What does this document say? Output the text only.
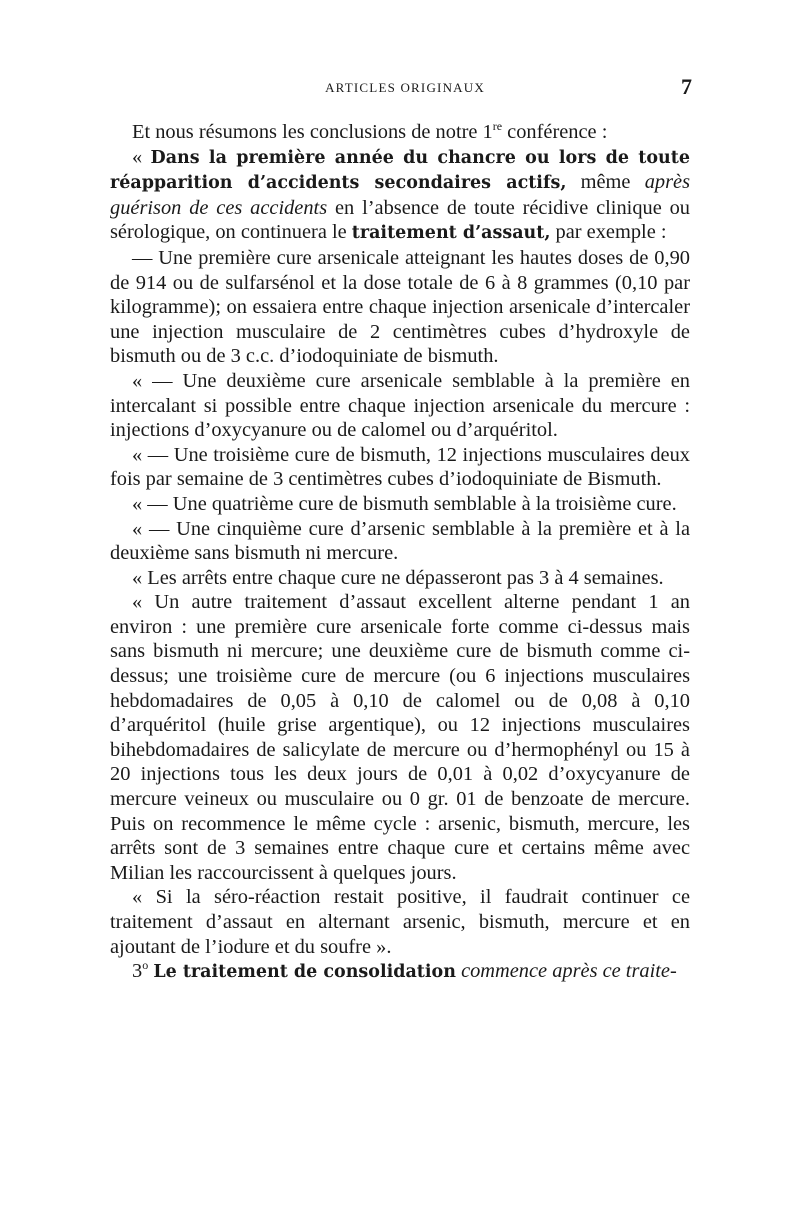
ARTICLES ORIGINAUX	7

Et nous résumons les conclusions de notre 1re conférence :

« Dans la première année du chancre ou lors de toute réapparition d’accidents secondaires actifs, même après guérison de ces accidents en l’absence de toute récidive clinique ou sérologique, on continuera le traitement d’assaut, par exemple :

— Une première cure arsenicale atteignant les hautes doses de 0,90 de 914 ou de sulfarsénol et la dose totale de 6 à 8 grammes (0,10 par kilogramme); on essaiera entre chaque injection arsenicale d’intercaler une injection musculaire de 2 centimètres cubes d’hydroxyle de bismuth ou de 3 c.c. d’iodoquiniate de bismuth.

« — Une deuxième cure arsenicale semblable à la première en intercalant si possible entre chaque injection arsenicale du mercure : injections d’oxycyanure ou de calomel ou d’arquéritol.

« — Une troisième cure de bismuth, 12 injections musculaires deux fois par semaine de 3 centimètres cubes d’iodoquiniate de Bismuth.

« — Une quatrième cure de bismuth semblable à la troisième cure.

« — Une cinquième cure d’arsenic semblable à la première et à la deuxième sans bismuth ni mercure.

« Les arrêts entre chaque cure ne dépasseront pas 3 à 4 semaines.

« Un autre traitement d’assaut excellent alterne pendant 1 an environ : une première cure arsenicale forte comme ci-dessus mais sans bismuth ni mercure; une deuxième cure de bismuth comme ci-dessus; une troisième cure de mercure (ou 6 injections musculaires hebdomadaires de 0,05 à 0,10 de calomel ou de 0,08 à 0,10 d’arquéritol (huile grise argentique), ou 12 injections musculaires bihebdomadaires de salicylate de mercure ou d’hermophényl ou 15 à 20 injections tous les deux jours de 0,01 à 0,02 d’oxycyanure de mercure veineux ou musculaire ou 0 gr. 01 de benzoate de mercure. Puis on recommence le même cycle : arsenic, bismuth, mercure, les arrêts sont de 3 semaines entre chaque cure et certains même avec Milian les raccourcissent à quelques jours.

« Si la séro-réaction restait positive, il faudrait continuer ce traitement d’assaut en alternant arsenic, bismuth, mercure et en ajoutant de l’iodure et du soufre ».

3$^o$ Le traitement de consolidation commence après ce traite-
